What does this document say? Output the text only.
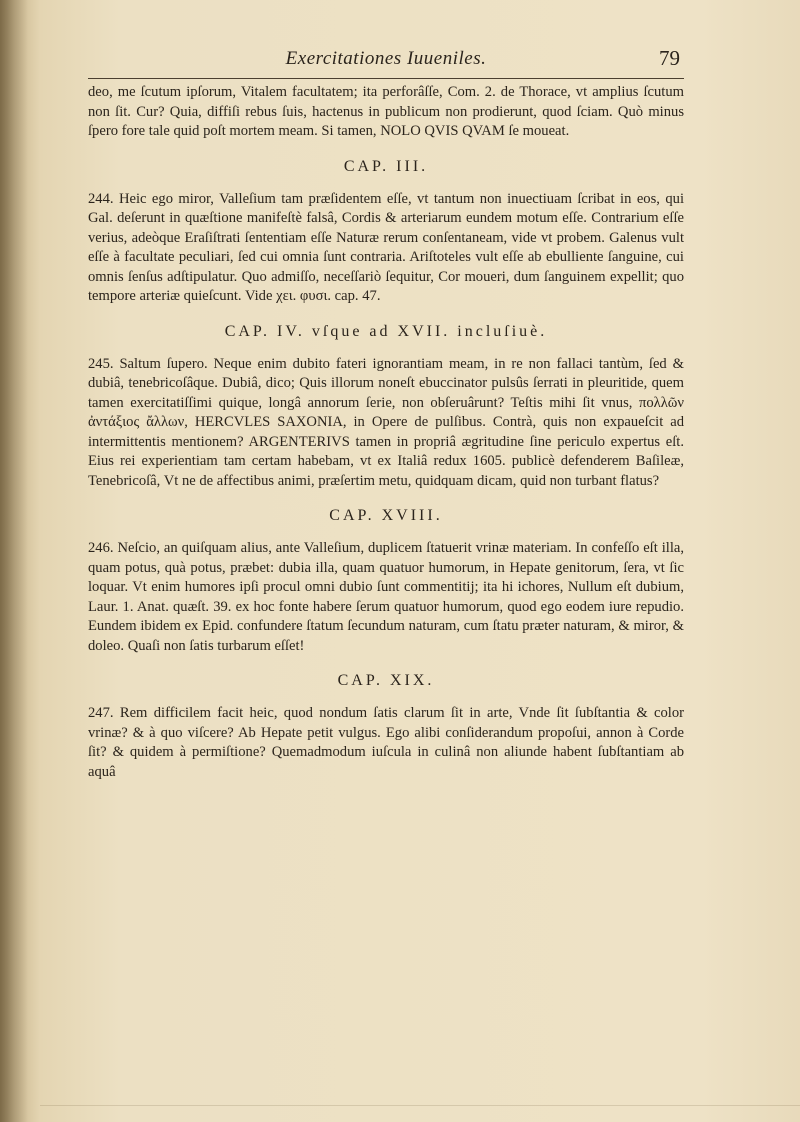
Exercitationes Iuueniles.	79

deo, me ſcutum ipſorum, Vitalem facultatem; ita perforâſſe, Com. 2. de Thorace, vt amplius ſcutum non ſit. Cur? Quia, diffiſi rebus ſuis, hactenus in publicum non prodierunt, quod ſciam. Quò minus ſpero fore tale quid poſt mortem meam. Si tamen, NOLO QVIS QVAM ſe moueat.

CAP. III.

244. Heic ego miror, Valleſium tam præſidentem eſſe, vt tantum non inuectiuam ſcribat in eos, qui Gal. deſerunt in quæſtione manifeſtè falsâ, Cordis & arteriarum eundem motum eſſe. Contrarium eſſe verius, adeòque Eraſiſtrati ſententiam eſſe Naturæ rerum conſentaneam, vide vt probem. Galenus vult eſſe à facultate peculiari, ſed cui omnia ſunt contraria. Ariſtoteles vult eſſe ab ebulliente ſanguine, cui omnis ſenſus adſtipulatur. Quo admiſſo, neceſſariò ſequitur, Cor moueri, dum ſanguinem expellit; quo tempore arteriæ quieſcunt. Vide χει. φυσι. cap. 47.

CAP. IV. vſque ad XVII. incluſiuè.

245. Saltum ſupero. Neque enim dubito fateri ignorantiam meam, in re non fallaci tantùm, ſed & dubiâ, tenebricoſâque. Dubiâ, dico; Quis illorum noneſt ebuccinator pulsûs ſerrati in pleuritide, quem tamen exercitatiſſimi quique, longâ annorum ſerie, non obſeruârunt? Teſtis mihi ſit vnus, πολλῶν ἀντάξιος ἄλλων, HERCVLES SAXONIA, in Opere de pulſibus. Contrà, quis non expaueſcit ad intermittentis mentionem? ARGENTERIVS tamen in propriâ ægritudine ſine periculo expertus eſt. Eius rei experientiam tam certam habebam, vt ex Italiâ redux 1605. publicè defenderem Baſileæ, Tenebricoſâ, Vt ne de affectibus animi, præſertim metu, quidquam dicam, quid non turbant flatus?

CAP. XVIII.

246. Neſcio, an quiſquam alius, ante Valleſium, duplicem ſtatuerit vrinæ materiam. In confeſſo eſt illa, quam potus, quà potus, præbet: dubia illa, quam quatuor humorum, in Hepate genitorum, ſera, vt ſic loquar. Vt enim humores ipſi procul omni dubio ſunt commentitij; ita hi ichores, Nullum eſt dubium, Laur. 1. Anat. quæſt. 39. ex hoc fonte habere ſerum quatuor humorum, quod ego eodem iure repudio. Eundem ibidem ex Epid. confundere ſtatum ſecundum naturam, cum ſtatu præter naturam, & miror, & doleo. Quaſi non ſatis turbarum eſſet!

CAP. XIX.

247. Rem difficilem facit heic, quod nondum ſatis clarum ſit in arte, Vnde ſit ſubſtantia & color vrinæ? & à quo viſcere? Ab Hepate petit vulgus. Ego alibi conſiderandum propoſui, annon à Corde ſit? & quidem à permiſtione? Quemadmodum iuſcula in culinâ non aliunde habent ſubſtantiam ab aquâ
